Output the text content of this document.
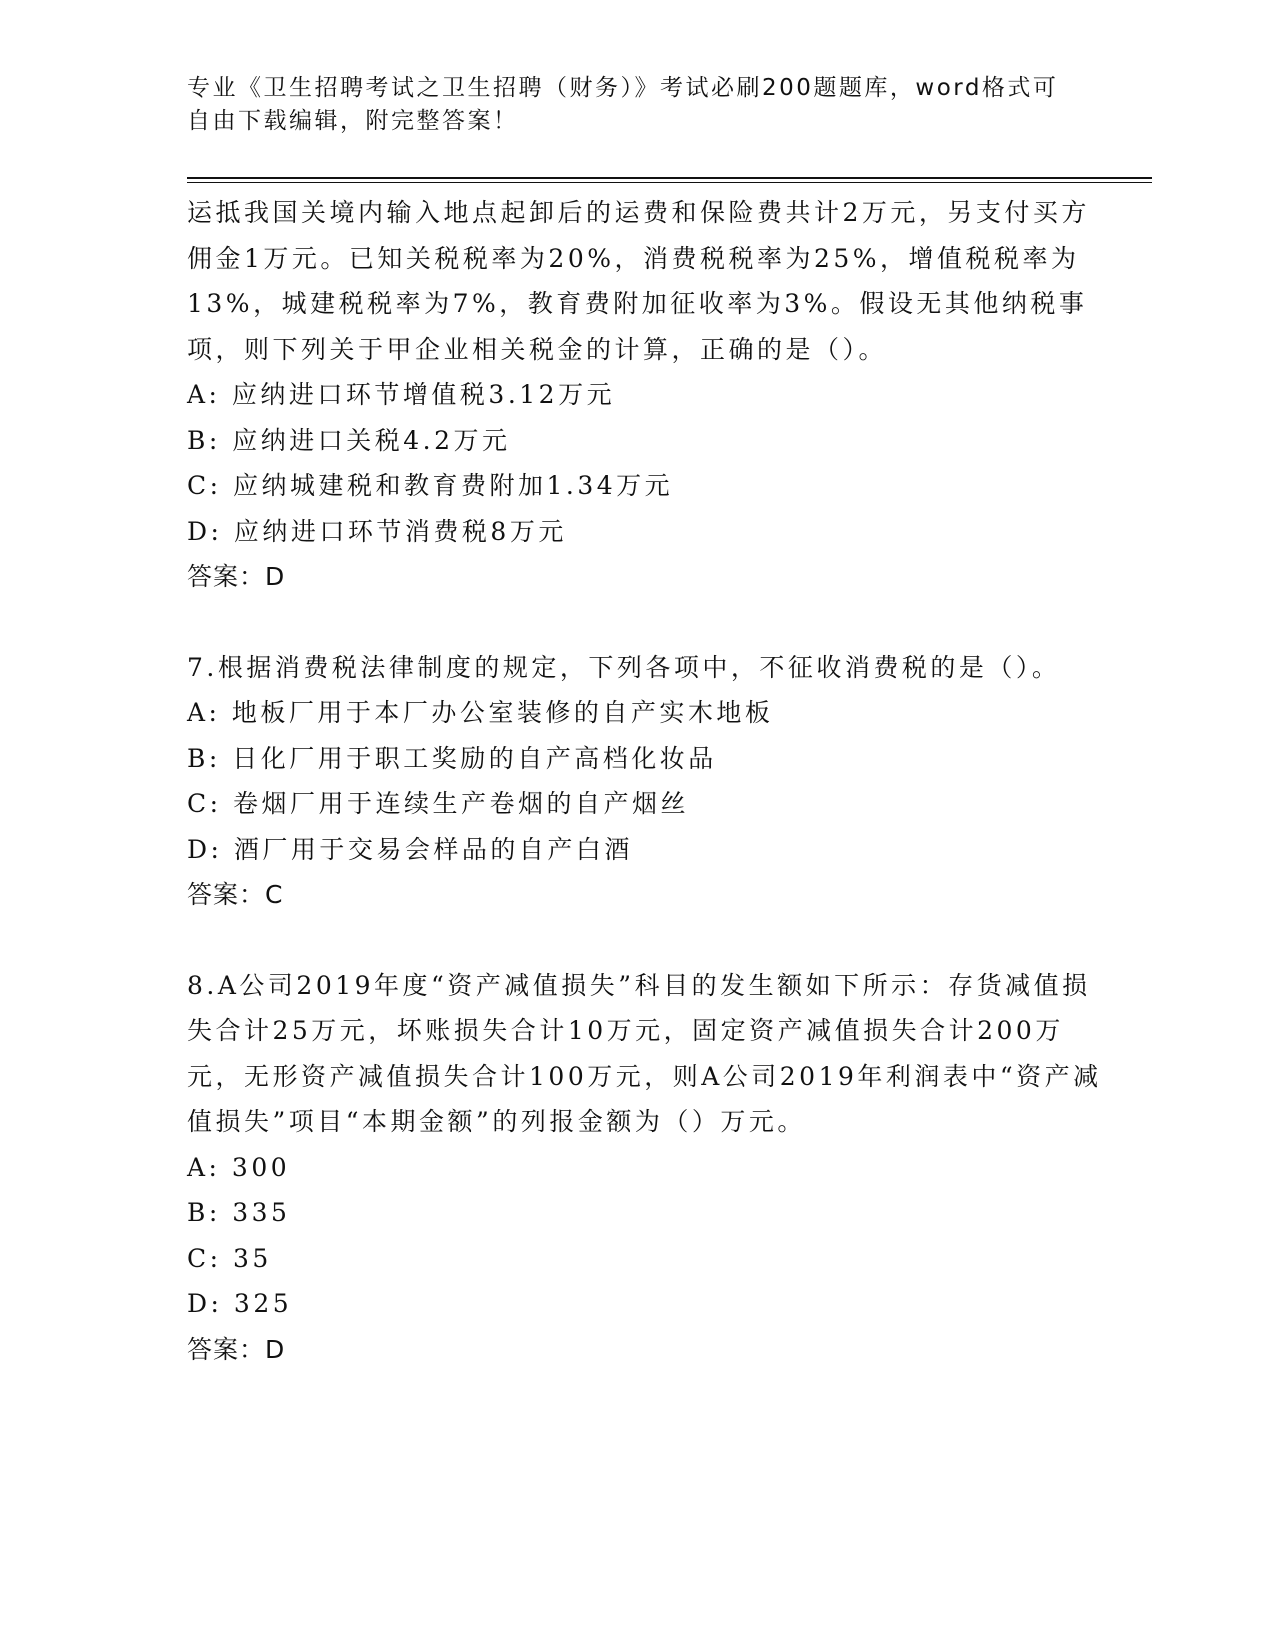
专业《卫生招聘考试之卫生招聘（财务）》考试必刷200题题库，word格式可自由下载编辑，附完整答案！

运抵我国关境内输入地点起卸后的运费和保险费共计2万元，另支付买方佣金1万元。已知关税税率为20%，消费税税率为25%，增值税税率为13%，城建税税率为7%，教育费附加征收率为3%。假设无其他纳税事项，则下列关于甲企业相关税金的计算，正确的是（）。

A: 应纳进口环节增值税3.12万元

B: 应纳进口关税4.2万元

C: 应纳城建税和教育费附加1.34万元

D: 应纳进口环节消费税8万元

答案：D

7.根据消费税法律制度的规定，下列各项中，不征收消费税的是（）。

A: 地板厂用于本厂办公室装修的自产实木地板

B: 日化厂用于职工奖励的自产高档化妆品

C: 卷烟厂用于连续生产卷烟的自产烟丝

D: 酒厂用于交易会样品的自产白酒

答案：C

8.A公司2019年度“资产减值损失”科目的发生额如下所示：存货减值损失合计25万元，坏账损失合计10万元，固定资产减值损失合计200万元，无形资产减值损失合计100万元，则A公司2019年利润表中“资产减值损失”项目“本期金额”的列报金额为（）万元。

A: 300

B: 335

C: 35

D: 325

答案：D
